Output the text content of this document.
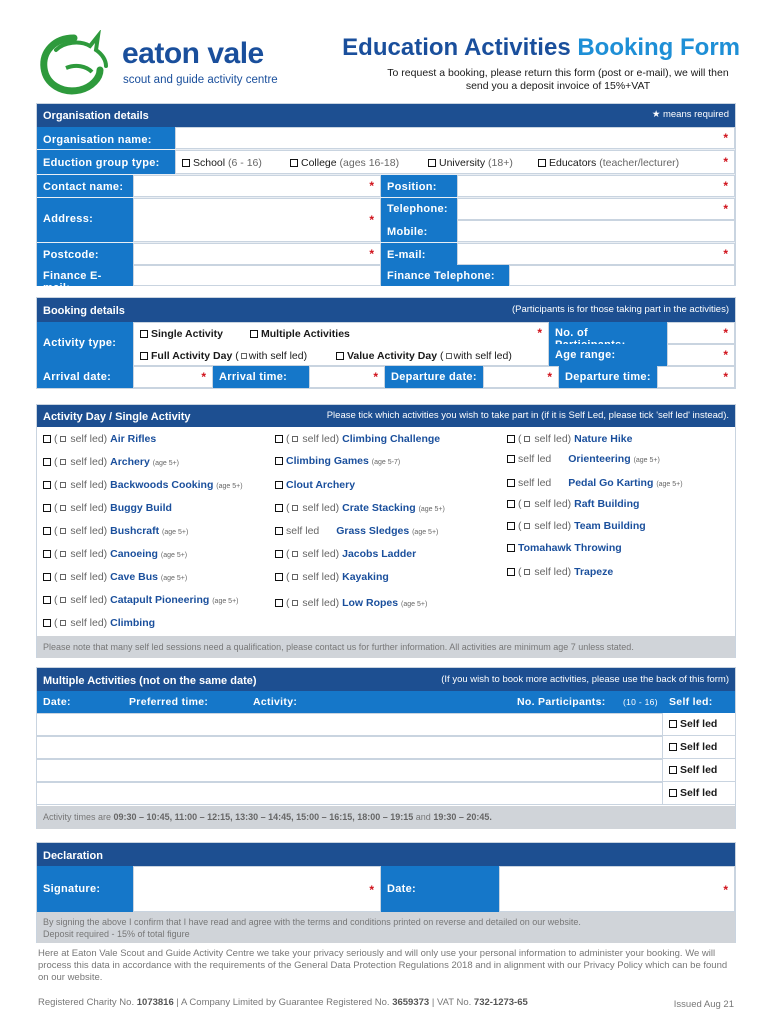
eaton vale
scout and guide activity centre
Education Activities Booking Form
To request a booking, please return this form (post or e-mail), we will then send you a deposit invoice of 15%+VAT
Organisation details	★ means required
Organisation name:	*
Eduction group type:	School (6 - 16)	College (ages 16-18)	University (18+)	Educators (teacher/lecturer)	*
Contact name:	*	Position:	*
Address:	*
Telephone:	*
Mobile:
Postcode:	*	E-mail:	*
Finance E-mail:
Finance Telephone:
Booking details	(Participants is for those taking part in the activities)
Activity type:
Single Activity	Multiple Activities	*
Full Activity Day ( with self led)	Value Activity Day ( with self led)
No. of	*
Age range:	*
Arrival date:	*	Arrival time:	*	Departure date:	*	Departure time:	*
Activity Day / Single Activity	Please tick which activities you wish to take part in (if it is Self Led, please tick 'self led' instead).
( self led) Air Rifles
( self led) Archery (age 5+)
( self led) Backwoods Cooking (age 5+)
( self led) Buggy Build
( self led) Bushcraft (age 5+)
( self led) Canoeing (age 5+)
( self led) Cave Bus (age 5+)
( self led) Catapult Pioneering (age 5+)
( self led) Climbing
( self led) Climbing Challenge
Climbing Games (age 5-7)
Clout Archery
( self led) Crate Stacking (age 5+)
self led Grass Sledges (age 5+)
( self led) Jacobs Ladder
( self led) Kayaking
( self led) Low Ropes (age 5+)
( self led) Nature Hike
self led Orienteering (age 5+)
self led Pedal Go Karting (age 5+)
( self led) Raft Building
( self led) Team Building
Tomahawk Throwing
( self led) Trapeze
Please note that many self led sessions need a qualification, please contact us for further information. All activities are minimum age 7 unless stated.
Multiple Activities (not on the same date)	(If you wish to book more activities, please use the back of this form)
Date:	Preferred time:	Activity:	No. Participants: (10 - 16) Self led:
Self led
Self led
Self led
Self led
Activity times are 09:30 – 10:45, 11:00 – 12:15, 13:30 – 14:45, 15:00 – 16:15, 18:00 – 19:15 and 19:30 – 20:45.
Declaration
Signature:	*	Date:	*
By signing the above I confirm that I have read and agree with the terms and conditions printed on reverse and detailed on our website.
Deposit required - 15% of total figure
Here at Eaton Vale Scout and Guide Activity Centre we take your privacy seriously and will only use your personal information to administer your booking. We will process this data in accordance with the requirements of the General Data Protection Regulations 2018 and in alignment with our Privacy Policy which can be found on our website.
Registered Charity No. 1073816 | A Company Limited by Guarantee Registered No. 3659373 | VAT No. 732-1273-65	Issued Aug 21
